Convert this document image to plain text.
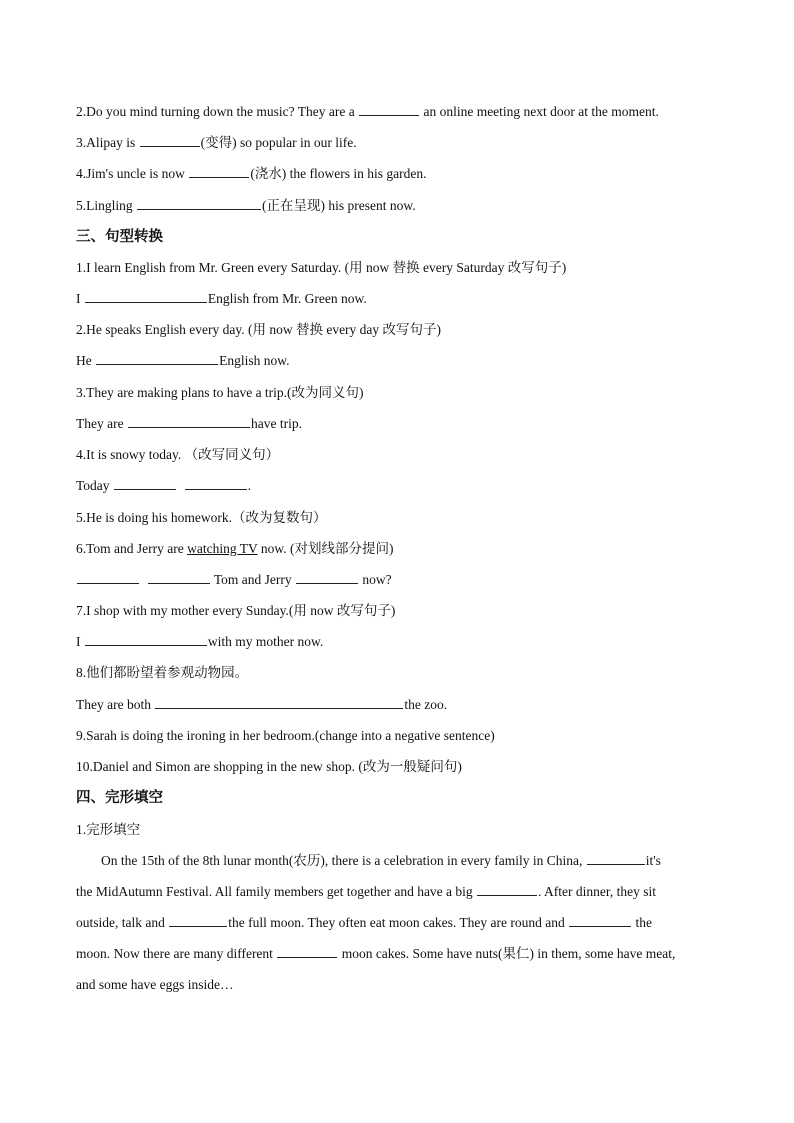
2.Do you mind turning down the music? They are a	an online meeting next door at the moment.
3.Alipay is	(变得) so popular in our life.
4.Jim's uncle is now	(浇水) the flowers in his garden.
5.Lingling	(正在呈现) his present now.
三、句型转换
1.I learn English from Mr. Green every Saturday. (用 now 替换 every Saturday 改写句子)
I	English from Mr. Green now.
2.He speaks English every day. (用 now 替换 every day 改写句子)
He	English now.
3.They are making plans to have a trip.(改为同义句)
They are	have trip.
4.It is snowy today. （改写同义句）
Today	.
5.He is doing his homework.（改为复数句）
6.Tom and Jerry are watching TV now. (对划线部分提问)
Tom and Jerry	now?
7.I shop with my mother every Sunday.(用 now 改写句子)
I	with my mother now.
8.他们都盼望着参观动物园。
They are both	the zoo.
9.Sarah is doing the ironing in her bedroom.(change into a negative sentence)
10.Daniel and Simon are shopping in the new shop. (改为一般疑问句)
四、完形填空
1.完形填空
On the 15th of the 8th lunar month(农历), there is a celebration in every family in China,	it's
the MidAutumn Festival. All family members get together and have a big	. After dinner, they sit
outside, talk and	the full moon. They often eat moon cakes. They are round and	the
moon. Now there are many different	moon cakes. Some have nuts(果仁) in them, some have meat,
and some have eggs inside…
